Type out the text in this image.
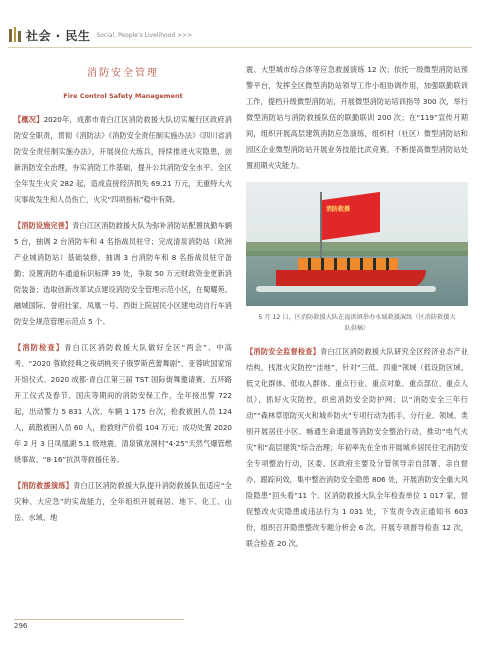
社会 · 民生 Social, People's Livelihood >>>
消防安全管理
Fire Control Safety Management

【概况】2020年，成都市青白江区消防救援大队切实履行区政府消防安全职责，贯彻《消防法》《消防安全责任制实施办法》《四川省消防安全责任制实施办法》，开展岗位大练兵，持续推进火灾隐患，创新消防安全治理，夯实消防工作基础，提升公共消防安全水平。全区全年发生火灾 282 起，造成直接经济损失 69.21 万元，无重特大火灾事故发生和人员伤亡，火灾“四项指标”稳中有降。

【消防设施完善】青白江区消防救援大队为弥补消防站配置执勤车辆 5 台，抽调 2 台消防车和 4 名指战员驻守；完成清泉消防站（欧洲产业城消防站）基础装修，抽调 3 台消防车和 8 名指战员驻守备勤；设置消防车通道标识标牌 39 处，争取 50 万元财政资金更新消防装备；选取创新改革试点建设消防安全管理示范小区，在蜀耀苑、融城国际、誉府壮家、凤凰一号、西街上院居民小区建电动自行车消防安全规范管理示范点 5 个。

【消防检查】青白江区消防救援大队做好全区“两会”、中高考、“2020 蓉欧经典之夜胡桃夹子俄罗斯芭蕾舞剧”、亚蓉欧国家馆开馆仪式、2020 成都·青白江第三届 TST 国际街舞邀请赛、五环路开工仪式及春节、国庆等期间的消防安保工作，全年接出警 722 起，出动警力 5 831 人次、车辆 1 175 台次，抢救被困人员 124 人，疏散被困人员 60 人，抢救财产价值 104 万元；成功处置 2020 年 2 月 3 日凤凰湖 5.1 级地震、清泉镇龙洞村“4·25”天然气爆管燃烧事故、“8·16”抗洪等救援任务。

【消防救援演练】青白江区消防救援大队提升消防救援队伍适应“全灾种、大应急”的实战能力，全年组织开展商居、地下、化工、山岳、水域、地

震、大型城市综合体等应急救援演练 12 次；依托一级微型消防站预警平台，发挥全区微型消防站领导工作小组协调作用，加强联勤联训工作，提档升级微型消防站，开展微型消防站培训指导 300 次，举行微型消防站与消防救援队伍的联勤联训 200 次；在“119”宣传月期间，组织开展高层建筑消防应急演练，组织村（社区）微型消防站和园区企业微型消防站开展业务技能比武竞赛，不断提高微型消防站处置初期火灾能力。

消防救援
5 月 12 日，区消防救援大队在福洪镇举办水域救援演练（区消防救援大队供稿）

【消防安全监督检查】青白江区消防救援大队研究全区经济业态产业结构，找准火灾防控“洼地”，针对“三低、四重”领域（低设防区域、低文化群体、低收入群体、重点行业、重点对象、重点部位、重点人员），抓好火灾防控，织密消防安全防护网；以“消防安全三年行动”“森林草原防灭火和城乡防火”专项行动为抓手，分行业、领域、类别开展居住小区、畅通生命通道等消防安全整治行动，推动“电气火灾”和“高层建筑”综合治理；年初率先在全市开展城乡居民住宅消防安全专项整治行动，区委、区政府主要及分管领导亲自部署、亲自督办、跟踪问效，集中整治消防安全隐患 806 处，开展消防安全重大风险隐患“回头看”11 个。区消防救援大队全年检查单位 1 017 家，督促整改火灾隐患或违法行为 1 031 处，下发责令改正通知书 603 份，组织召开隐患整改专题分析会 6 次，开展专项督导检查 12 次，联合检查 20 次。

296
